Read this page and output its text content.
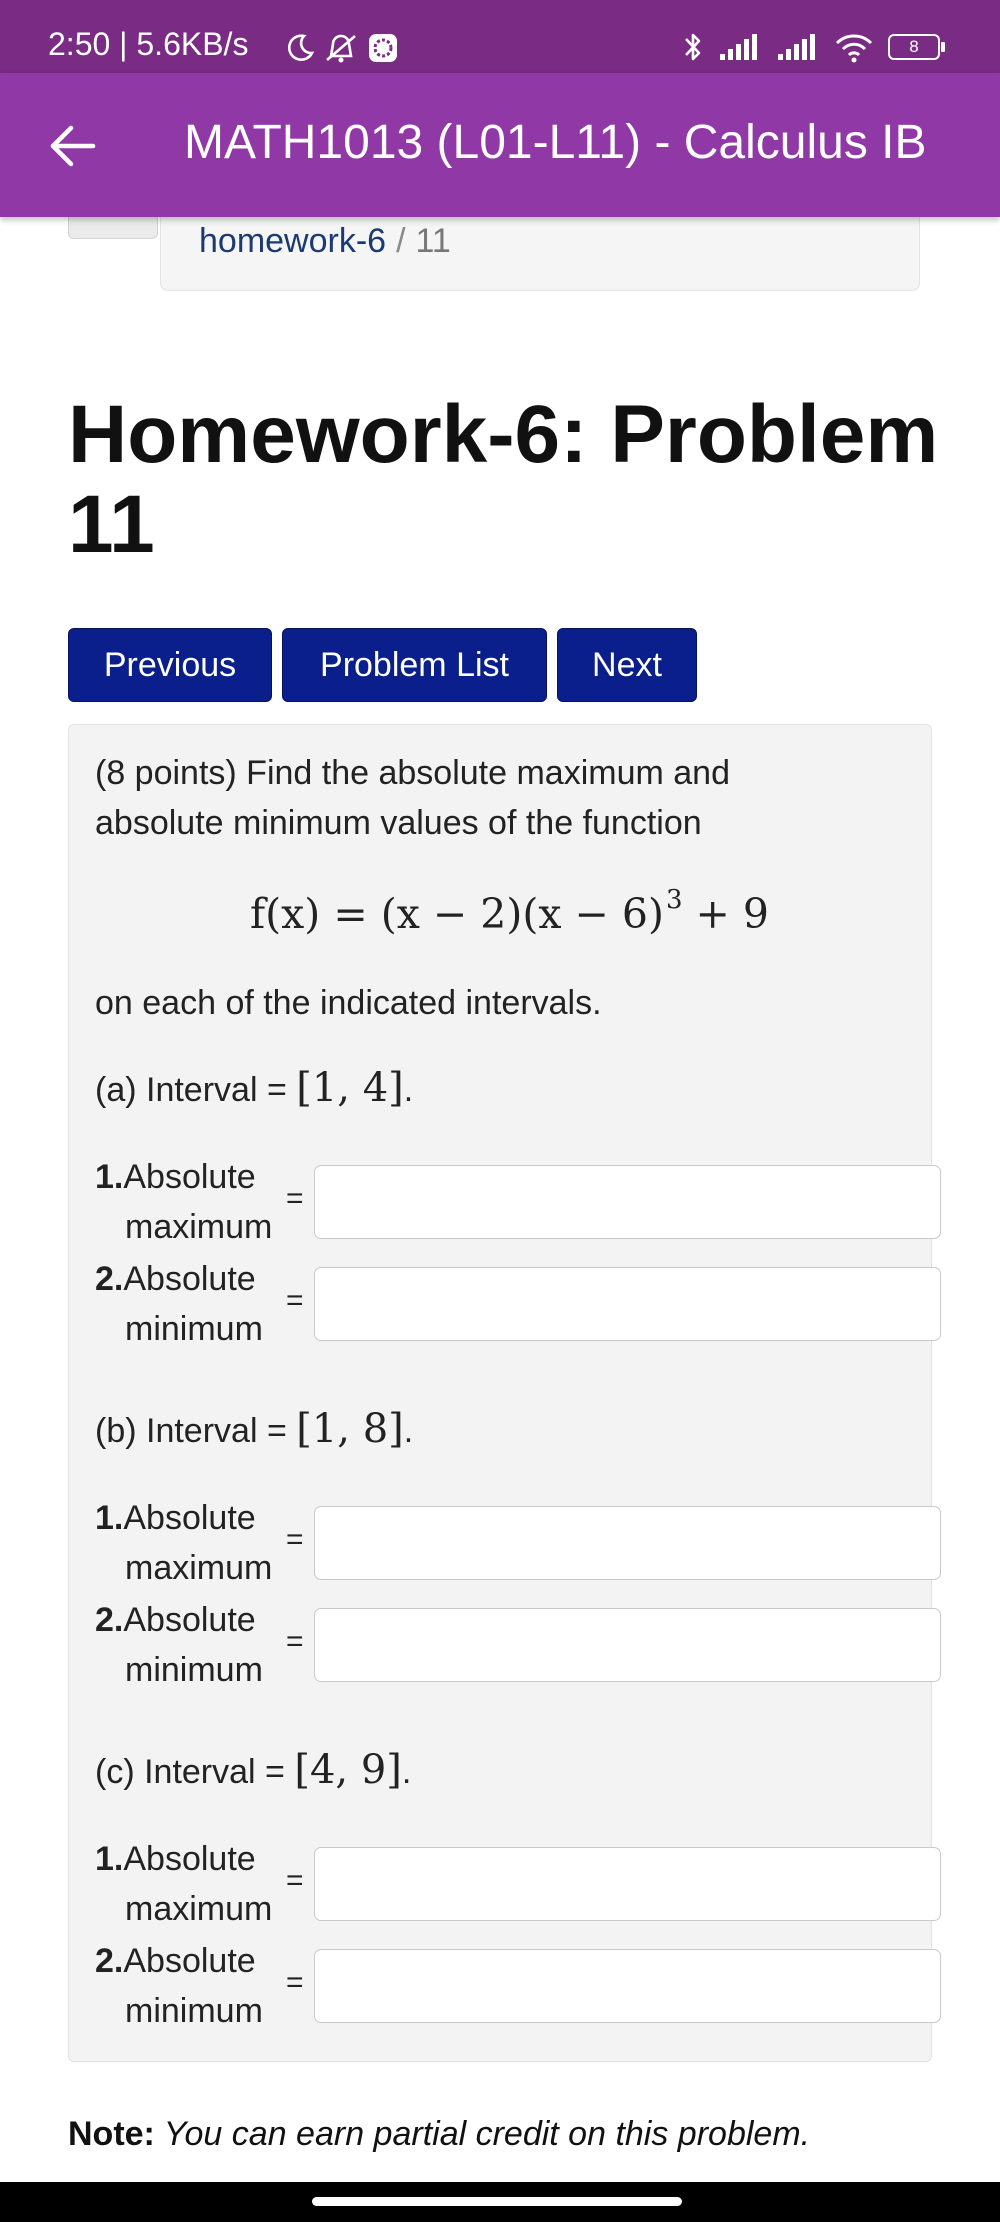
2:50 | 5.6KB/s	8
MATH1013 (L01-L11) - Calculus IB
homework-6 / 11
Homework-6: Problem
11
Previous	Problem List	Next
(8 points) Find the absolute maximum and
absolute minimum values of the function
$f(x) = (x - 2)(x - 6)^3 + 9$
on each of the indicated intervals.
(a) Interval = [1, 4].
1.Absolute
maximum
=
2.Absolute
minimum
=
(b) Interval = [1, 8].
1.Absolute
maximum
=
2.Absolute
minimum
=
(c) Interval = [4, 9].
1.Absolute
maximum
=
2.Absolute
minimum
=
Note: You can earn partial credit on this problem.
